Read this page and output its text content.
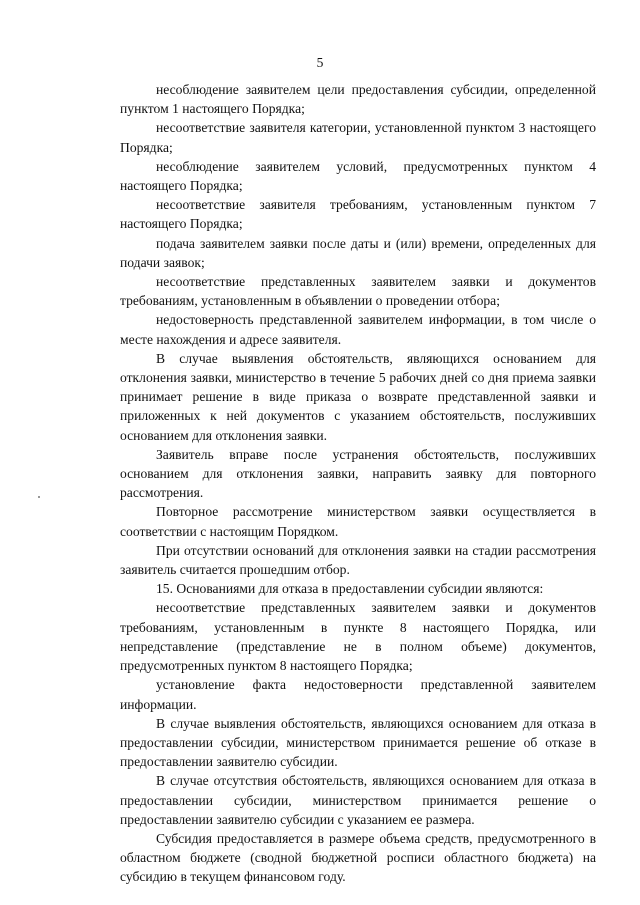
5

несоблюдение заявителем цели предоставления субсидии, определенной пунктом 1 настоящего Порядка;

несоответствие заявителя категории, установленной пунктом 3 настоящего Порядка;

несоблюдение заявителем условий, предусмотренных пунктом 4 настоящего Порядка;

несоответствие заявителя требованиям, установленным пунктом 7 настоящего Порядка;

подача заявителем заявки после даты и (или) времени, определенных для подачи заявок;

несоответствие представленных заявителем заявки и документов требованиям, установленным в объявлении о проведении отбора;

недостоверность представленной заявителем информации, в том числе о месте нахождения и адресе заявителя.

В случае выявления обстоятельств, являющихся основанием для отклонения заявки, министерство в течение 5 рабочих дней со дня приема заявки принимает решение в виде приказа о возврате представленной заявки и приложенных к ней документов с указанием обстоятельств, послуживших основанием для отклонения заявки.

Заявитель вправе после устранения обстоятельств, послуживших основанием для отклонения заявки, направить заявку для повторного рассмотрения.

Повторное рассмотрение министерством заявки осуществляется в соответствии с настоящим Порядком.

При отсутствии оснований для отклонения заявки на стадии рассмотрения заявитель считается прошедшим отбор.

15. Основаниями для отказа в предоставлении субсидии являются:

несоответствие представленных заявителем заявки и документов требованиям, установленным в пункте 8 настоящего Порядка, или непредставление (представление не в полном объеме) документов, предусмотренных пунктом 8 настоящего Порядка;

установление факта недостоверности представленной заявителем информации.

В случае выявления обстоятельств, являющихся основанием для отказа в предоставлении субсидии, министерством принимается решение об отказе в предоставлении заявителю субсидии.

В случае отсутствия обстоятельств, являющихся основанием для отказа в предоставлении субсидии, министерством принимается решение о предоставлении заявителю субсидии с указанием ее размера.

Субсидия предоставляется в размере объема средств, предусмотренного в областном бюджете (сводной бюджетной росписи областного бюджета) на субсидию в текущем финансовом году.
